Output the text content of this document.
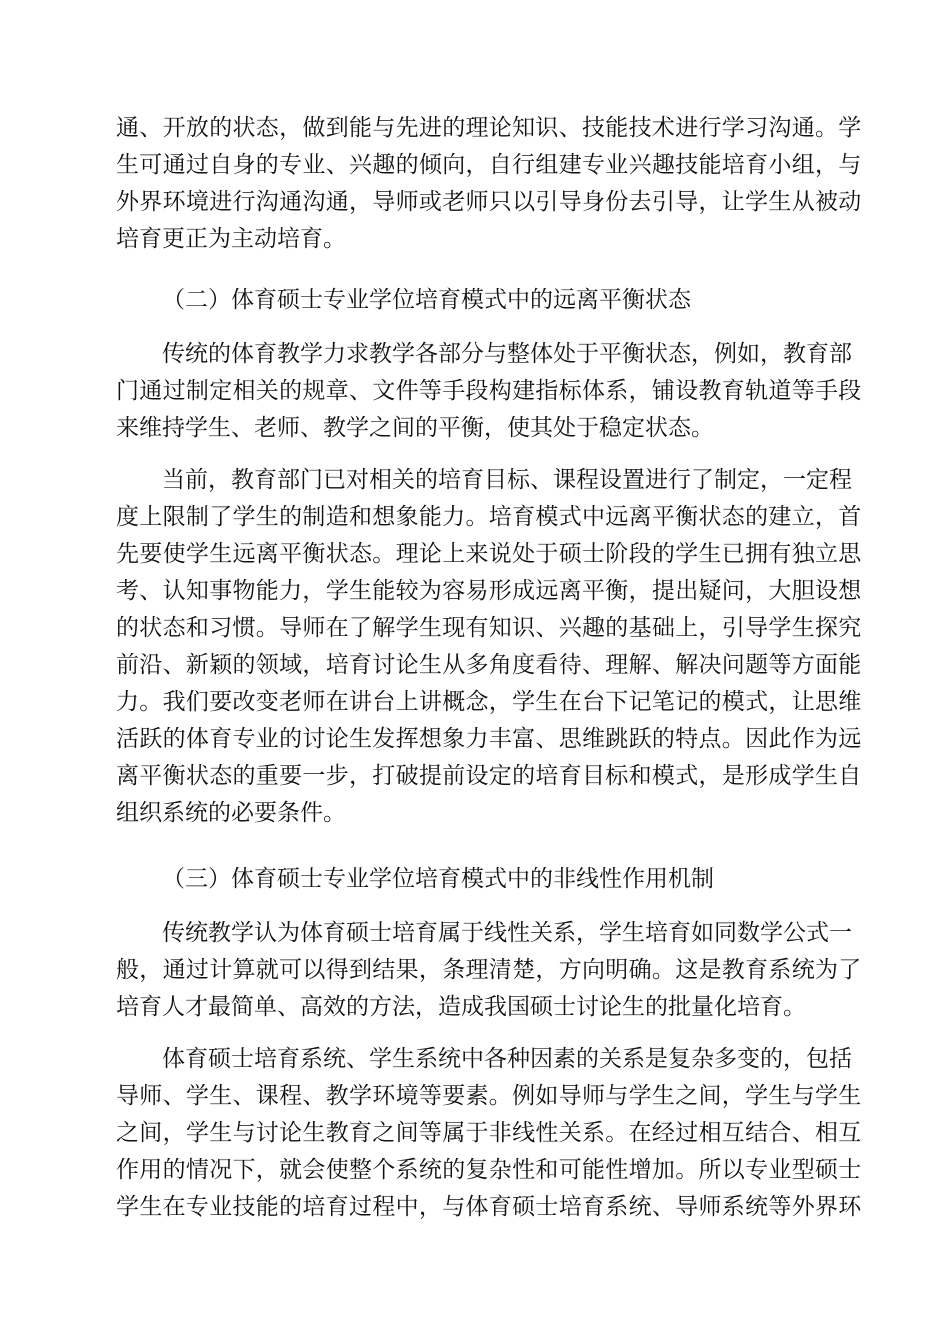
通、开放的状态，做到能与先进的理论知识、技能技术进行学习沟通。学
生可通过自身的专业、兴趣的倾向，自行组建专业兴趣技能培育小组，与
外界环境进行沟通沟通，导师或老师只以引导身份去引导，让学生从被动
培育更正为主动培育。
（二）体育硕士专业学位培育模式中的远离平衡状态
传统的体育教学力求教学各部分与整体处于平衡状态，例如，教育部
门通过制定相关的规章、文件等手段构建指标体系，铺设教育轨道等手段
来维持学生、老师、教学之间的平衡，使其处于稳定状态。
当前，教育部门已对相关的培育目标、课程设置进行了制定，一定程
度上限制了学生的制造和想象能力。培育模式中远离平衡状态的建立，首
先要使学生远离平衡状态。理论上来说处于硕士阶段的学生已拥有独立思
考、认知事物能力，学生能较为容易形成远离平衡，提出疑问，大胆设想
的状态和习惯。导师在了解学生现有知识、兴趣的基础上，引导学生探究
前沿、新颖的领域，培育讨论生从多角度看待、理解、解决问题等方面能
力。我们要改变老师在讲台上讲概念，学生在台下记笔记的模式，让思维
活跃的体育专业的讨论生发挥想象力丰富、思维跳跃的特点。因此作为远
离平衡状态的重要一步，打破提前设定的培育目标和模式，是形成学生自
组织系统的必要条件。
（三）体育硕士专业学位培育模式中的非线性作用机制
传统教学认为体育硕士培育属于线性关系，学生培育如同数学公式一
般，通过计算就可以得到结果，条理清楚，方向明确。这是教育系统为了
培育人才最简单、高效的方法，造成我国硕士讨论生的批量化培育。
体育硕士培育系统、学生系统中各种因素的关系是复杂多变的，包括
导师、学生、课程、教学环境等要素。例如导师与学生之间，学生与学生
之间，学生与讨论生教育之间等属于非线性关系。在经过相互结合、相互
作用的情况下，就会使整个系统的复杂性和可能性增加。所以专业型硕士
学生在专业技能的培育过程中，与体育硕士培育系统、导师系统等外界环
